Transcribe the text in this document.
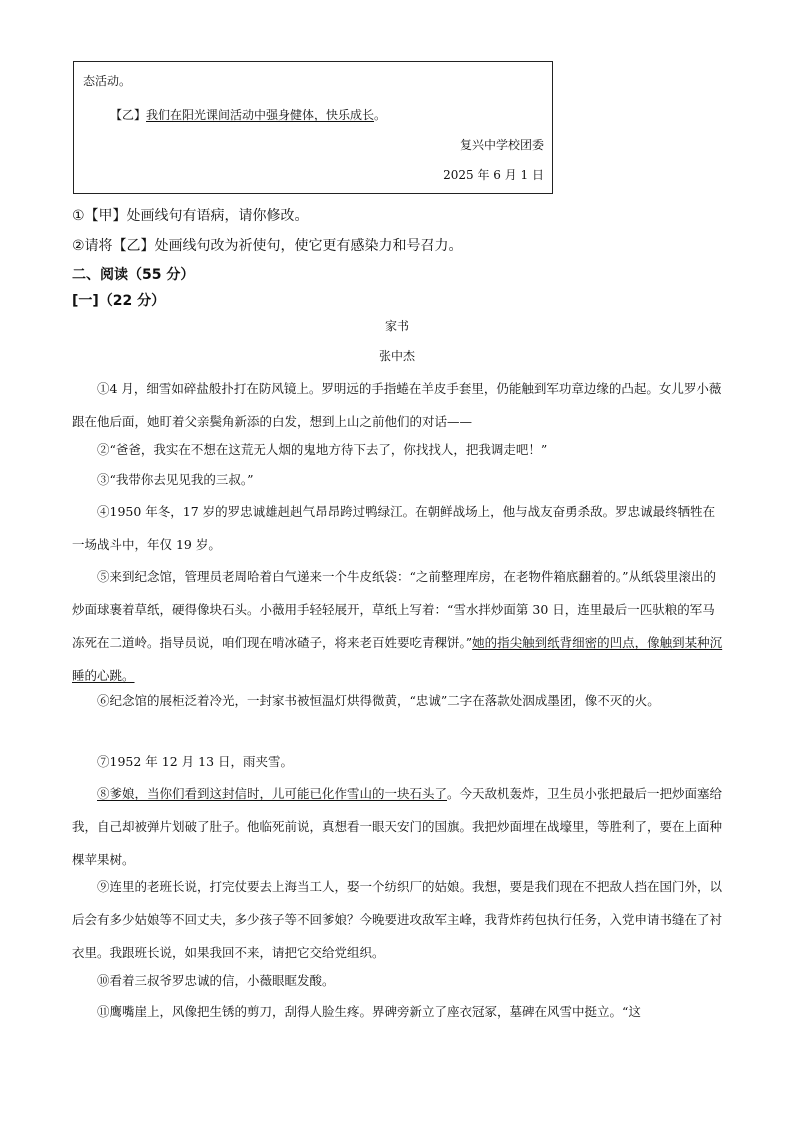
态活动。

【乙】我们在阳光课间活动中强身健体，快乐成长。

复兴中学校团委

2025 年 6 月 1 日

①【甲】处画线句有语病，请你修改。

②请将【乙】处画线句改为祈使句，使它更有感染力和号召力。

二、阅读（55 分）

[一]（22 分）

家书

张中杰

①4 月，细雪如碎盐般扑打在防风镜上。罗明远的手指蜷在羊皮手套里，仍能触到军功章边缘的凸起。女儿罗小薇跟在他后面，她盯着父亲鬓角新添的白发，想到上山之前他们的对话——

②“爸爸，我实在不想在这荒无人烟的鬼地方待下去了，你找找人，把我调走吧！”

③“我带你去见见我的三叔。”

④1950 年冬，17 岁的罗忠诚雄赳赳气昂昂跨过鸭绿江。在朝鲜战场上，他与战友奋勇杀敌。罗忠诚最终牺牲在一场战斗中，年仅 19 岁。

⑤来到纪念馆，管理员老周哈着白气递来一个牛皮纸袋：“之前整理库房，在老物件箱底翻着的。”从纸袋里滚出的炒面球裹着草纸，硬得像块石头。小薇用手轻轻展开，草纸上写着：“雪水拌炒面第 30 日，连里最后一匹驮粮的军马冻死在二道岭。指导员说，咱们现在啃冰碴子，将来老百姓要吃青稞饼。”她的指尖触到纸背细密的凹点，像触到某种沉睡的心跳。

⑥纪念馆的展柜泛着冷光，一封家书被恒温灯烘得微黄，“忠诚”二字在落款处洇成墨团，像不灭的火。

⑦1952 年 12 月 13 日，雨夹雪。

⑧爹娘，当你们看到这封信时，儿可能已化作雪山的一块石头了。今天敌机轰炸，卫生员小张把最后一把炒面塞给我，自己却被弹片划破了肚子。他临死前说，真想看一眼天安门的国旗。我把炒面埋在战壕里，等胜利了，要在上面种棵苹果树。

⑨连里的老班长说，打完仗要去上海当工人，娶一个纺织厂的姑娘。我想，要是我们现在不把敌人挡在国门外，以后会有多少姑娘等不回丈夫，多少孩子等不回爹娘？今晚要进攻敌军主峰，我背炸药包执行任务，入党申请书缝在了衬衣里。我跟班长说，如果我回不来，请把它交给党组织。

⑩看着三叔爷罗忠诚的信，小薇眼眶发酸。

⑪鹰嘴崖上，风像把生锈的剪刀，刮得人脸生疼。界碑旁新立了座衣冠冢，墓碑在风雪中挺立。“这
